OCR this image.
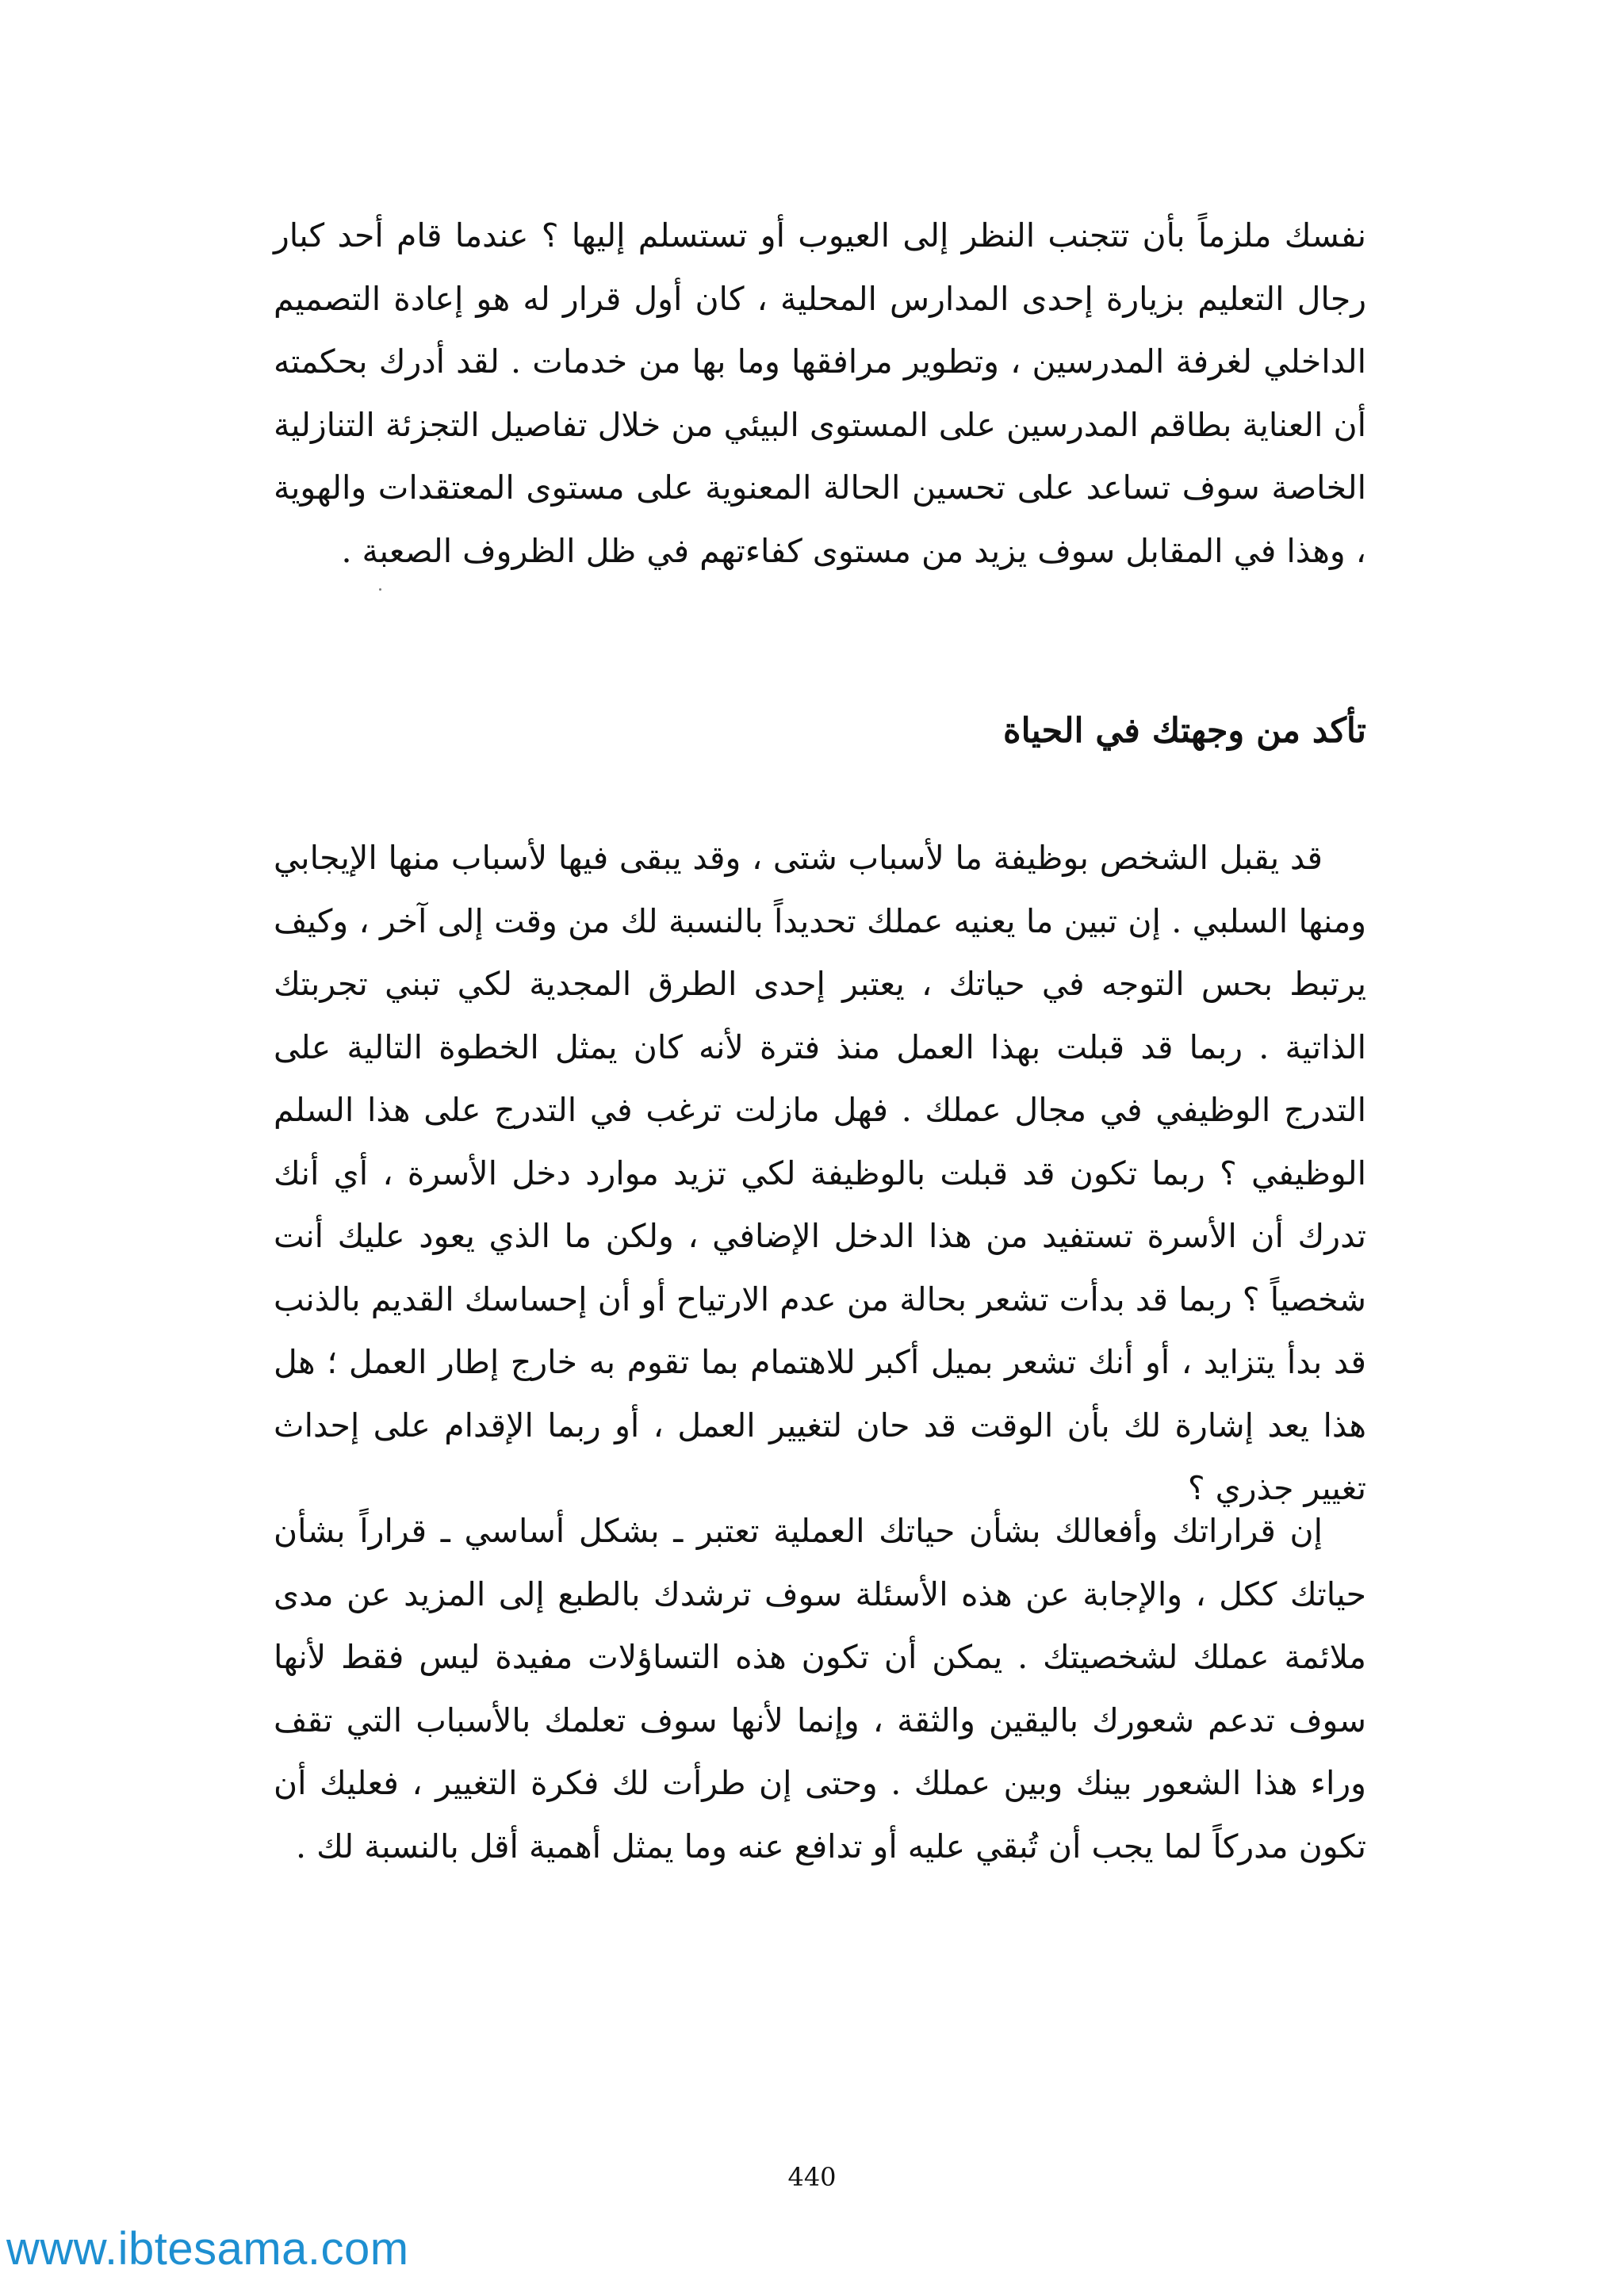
نفسك ملزماً بأن تتجنب النظر إلى العيوب أو تستسلم إليها ؟ عندما قام أحد كبار رجال التعليم بزيارة إحدى المدارس المحلية ، كان أول قرار له هو إعادة التصميم الداخلي لغرفة المدرسين ، وتطوير مرافقها وما بها من خدمات . لقد أدرك بحكمته أن العناية بطاقم المدرسين على المستوى البيئي من خلال تفاصيل التجزئة التنازلية الخاصة سوف تساعد على تحسين الحالة المعنوية على مستوى المعتقدات والهوية ، وهذا في المقابل سوف يزيد من مستوى كفاءتهم في ظل الظروف الصعبة .

تأكد من وجهتك في الحياة

قد يقبل الشخص بوظيفة ما لأسباب شتى ، وقد يبقى فيها لأسباب منها الإيجابي ومنها السلبي . إن تبين ما يعنيه عملك تحديداً بالنسبة لك من وقت إلى آخر ، وكيف يرتبط بحس التوجه في حياتك ، يعتبر إحدى الطرق المجدية لكي تبني تجربتك الذاتية . ربما قد قبلت بهذا العمل منذ فترة لأنه كان يمثل الخطوة التالية على التدرج الوظيفي في مجال عملك . فهل مازلت ترغب في التدرج على هذا السلم الوظيفي ؟ ربما تكون قد قبلت بالوظيفة لكي تزيد موارد دخل الأسرة ، أي أنك تدرك أن الأسرة تستفيد من هذا الدخل الإضافي ، ولكن ما الذي يعود عليك أنت شخصياً ؟ ربما قد بدأت تشعر بحالة من عدم الارتياح أو أن إحساسك القديم بالذنب قد بدأ يتزايد ، أو أنك تشعر بميل أكبر للاهتمام بما تقوم به خارج إطار العمل ؛ هل هذا يعد إشارة لك بأن الوقت قد حان لتغيير العمل ، أو ربما الإقدام على إحداث تغيير جذري ؟

إن قراراتك وأفعالك بشأن حياتك العملية تعتبر ـ بشكل أساسي ـ قراراً بشأن حياتك ككل ، والإجابة عن هذه الأسئلة سوف ترشدك بالطبع إلى المزيد عن مدى ملائمة عملك لشخصيتك . يمكن أن تكون هذه التساؤلات مفيدة ليس فقط لأنها سوف تدعم شعورك باليقين والثقة ، وإنما لأنها سوف تعلمك بالأسباب التي تقف وراء هذا الشعور بينك وبين عملك . وحتى إن طرأت لك فكرة التغيير ، فعليك أن تكون مدركاً لما يجب أن تُبقي عليه أو تدافع عنه وما يمثل أهمية أقل بالنسبة لك .

440
www.ibtesama.com
